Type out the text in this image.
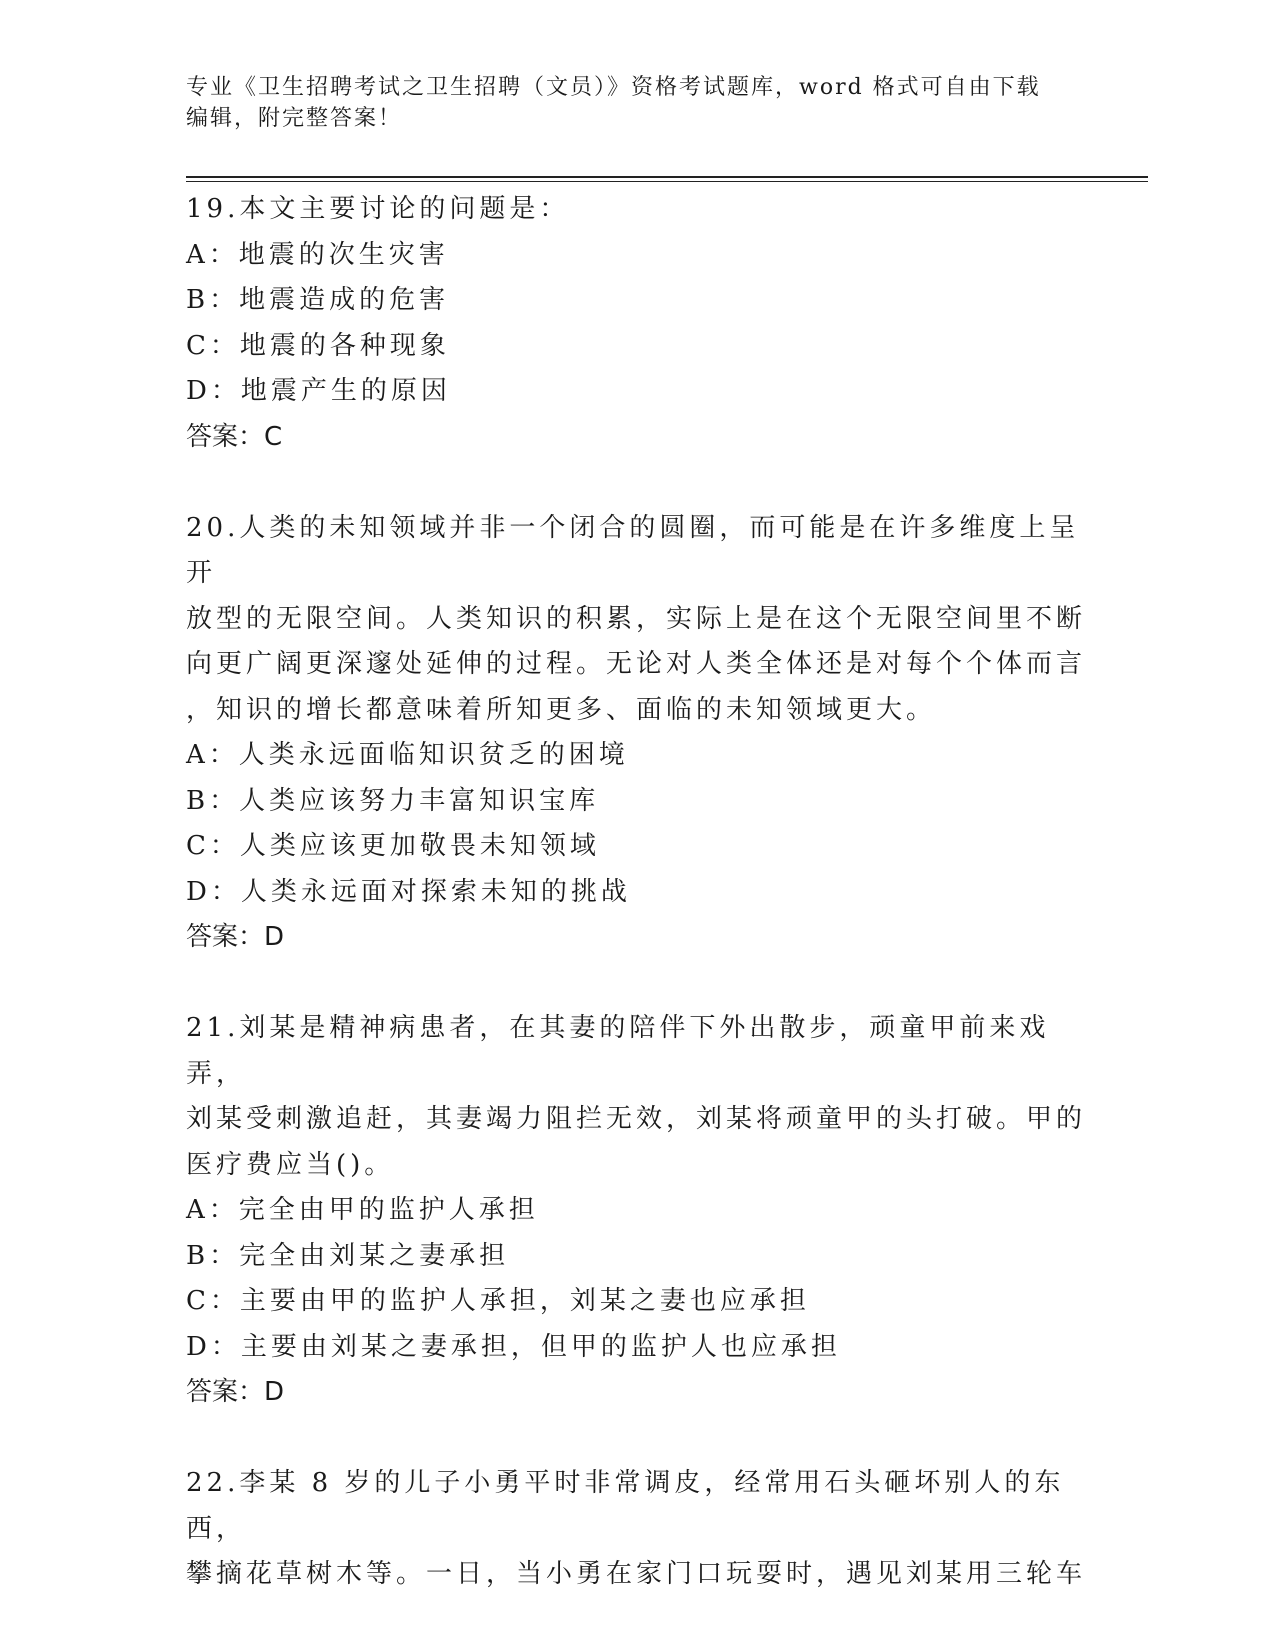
专业《卫生招聘考试之卫生招聘（文员）》资格考试题库，word 格式可自由下载
编辑，附完整答案！

19.本文主要讨论的问题是：

A：地震的次生灾害

B：地震造成的危害

C：地震的各种现象

D：地震产生的原因

答案：C

20.人类的未知领域并非一个闭合的圆圈，而可能是在许多维度上呈开

放型的无限空间。人类知识的积累，实际上是在这个无限空间里不断

向更广阔更深邃处延伸的过程。无论对人类全体还是对每个个体而言

，知识的增长都意味着所知更多、面临的未知领域更大。

A：人类永远面临知识贫乏的困境

B：人类应该努力丰富知识宝库

C：人类应该更加敬畏未知领域

D：人类永远面对探索未知的挑战

答案：D

21.刘某是精神病患者，在其妻的陪伴下外出散步，顽童甲前来戏弄，

刘某受刺激追赶，其妻竭力阻拦无效，刘某将顽童甲的头打破。甲的

医疗费应当()。

A：完全由甲的监护人承担

B：完全由刘某之妻承担

C：主要由甲的监护人承担，刘某之妻也应承担

D：主要由刘某之妻承担，但甲的监护人也应承担

答案：D

22.李某 8 岁的儿子小勇平时非常调皮，经常用石头砸坏别人的东西，

攀摘花草树木等。一日，当小勇在家门口玩耍时，遇见刘某用三轮车
